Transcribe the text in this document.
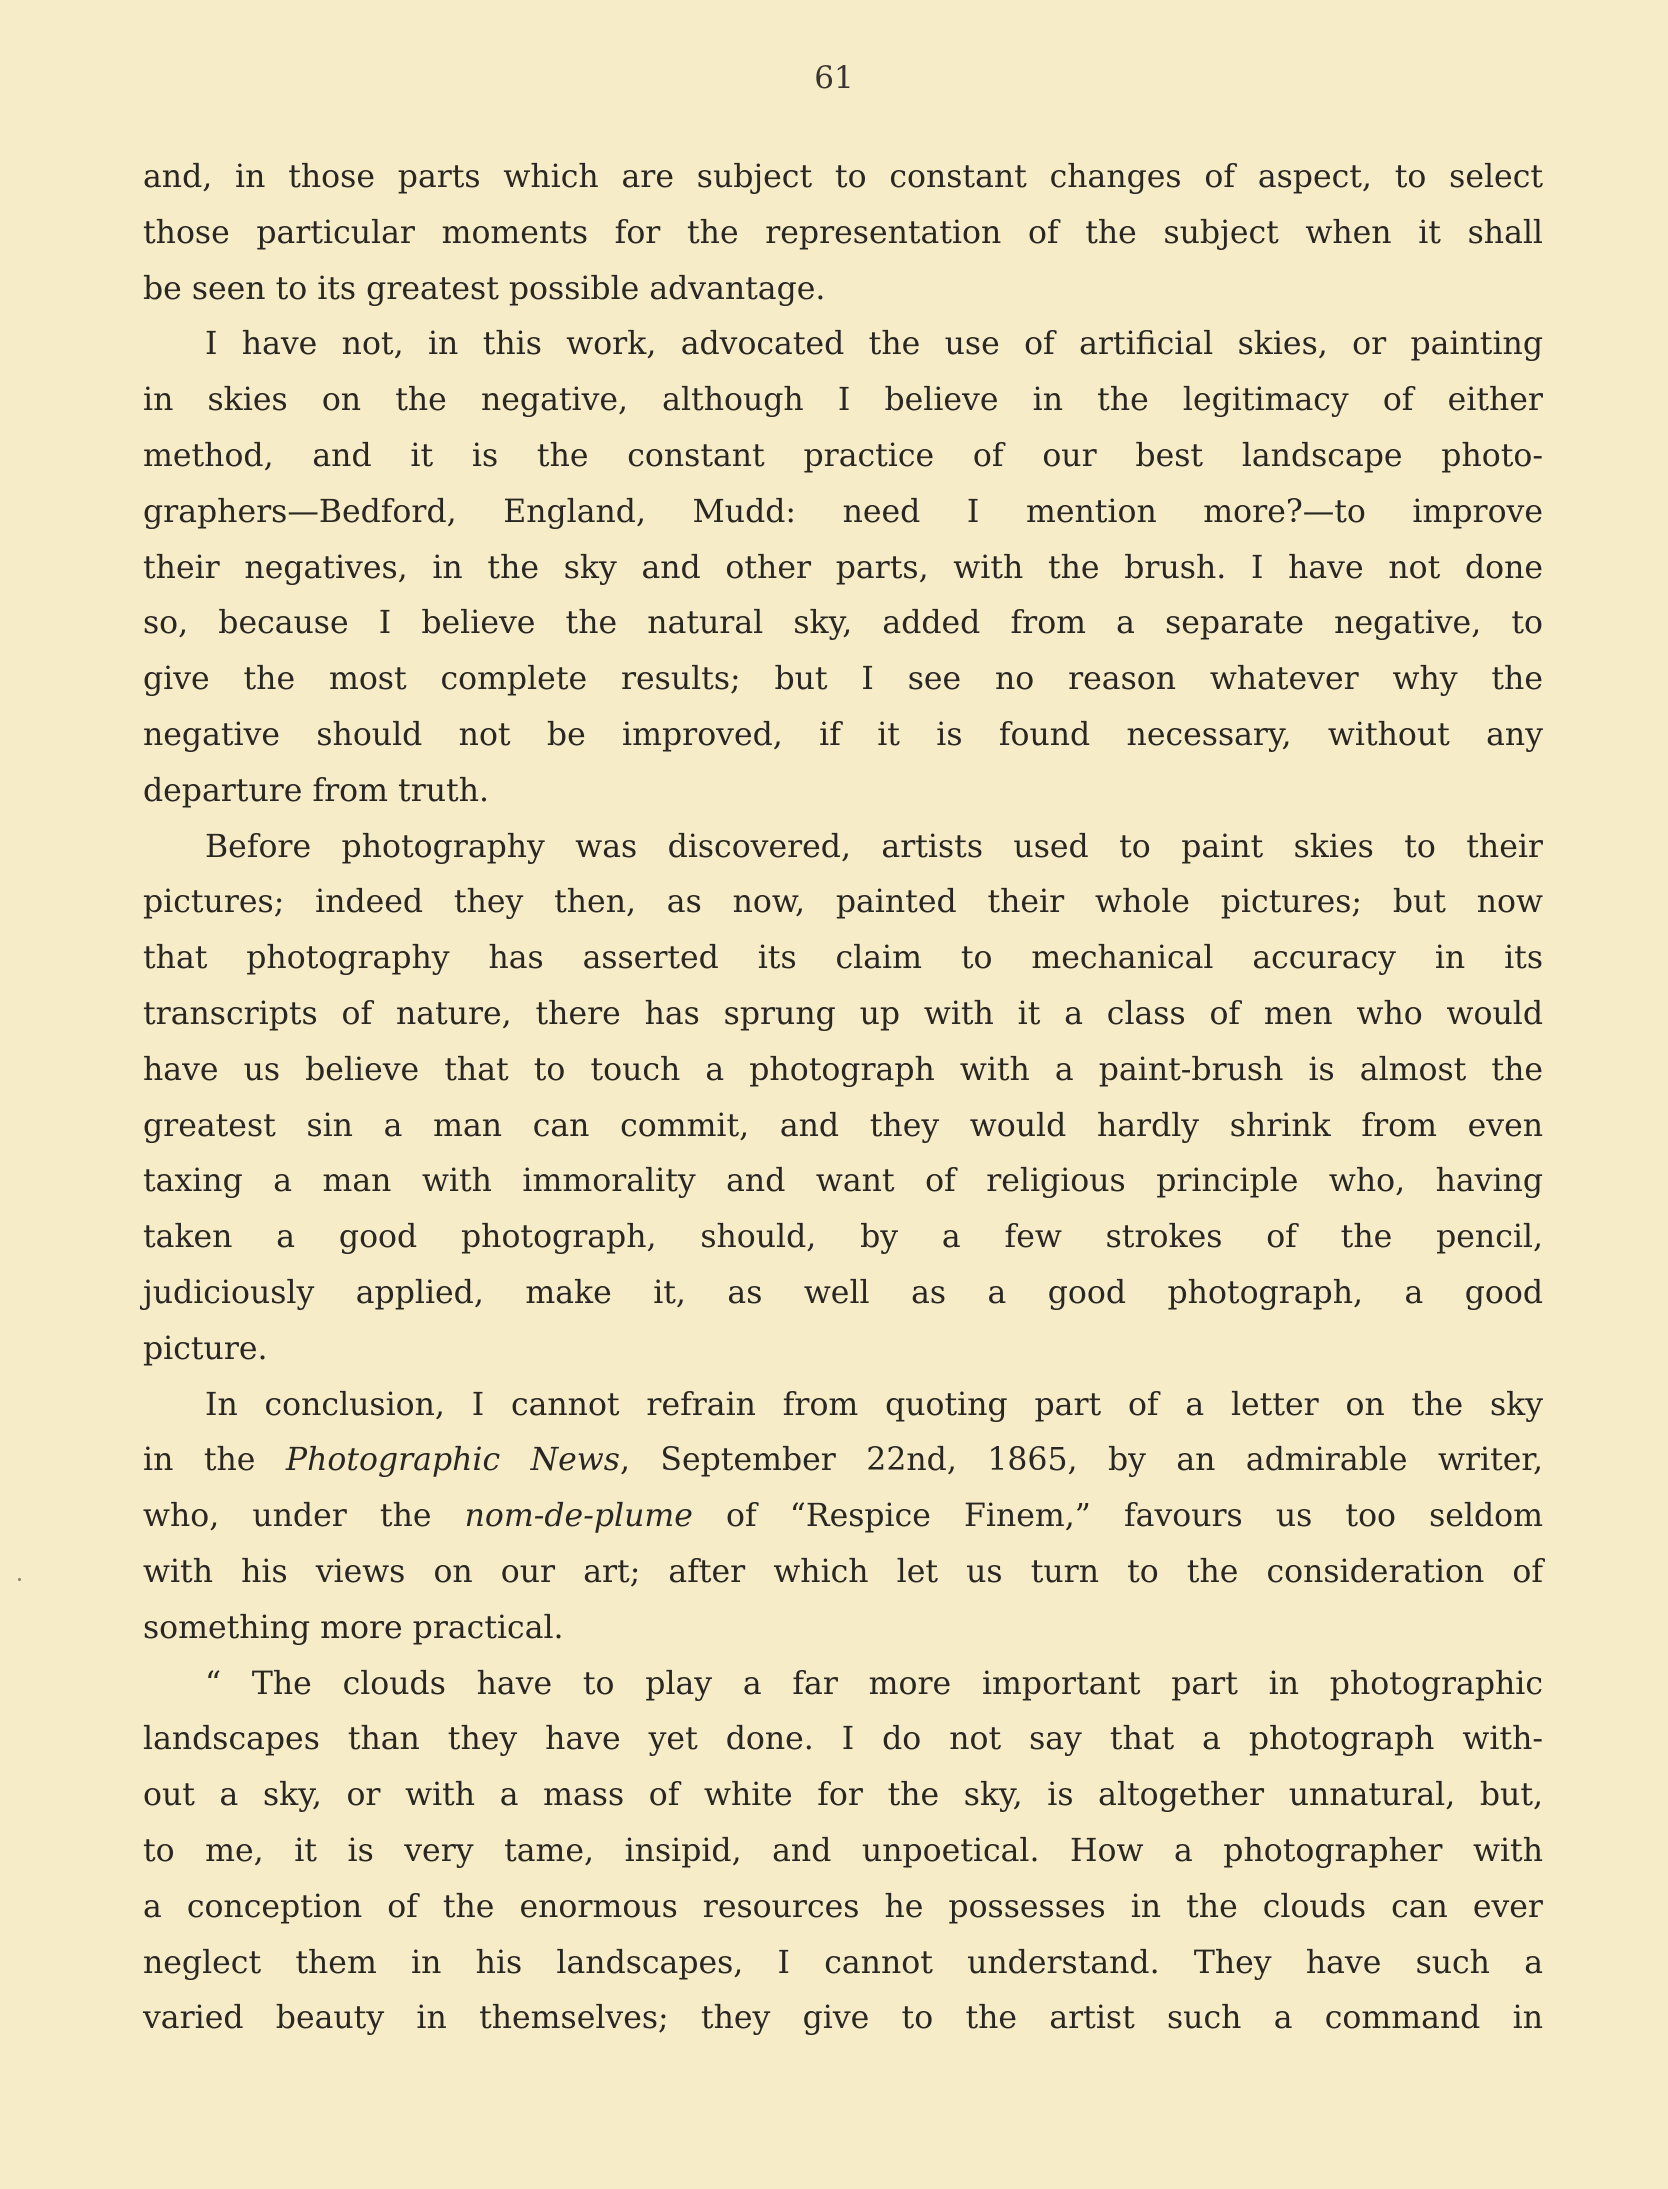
61
and, in those parts which are subject to constant changes of aspect, to select
those particular moments for the representation of the subject when it shall
be seen to its greatest possible advantage.
I have not, in this work, advocated the use of artificial skies, or painting
in skies on the negative, although I believe in the legitimacy of either
method, and it is the constant practice of our best landscape photo-
graphers—Bedford, England, Mudd: need I mention more?—to improve
their negatives, in the sky and other parts, with the brush. I have not done
so, because I believe the natural sky, added from a separate negative, to
give the most complete results; but I see no reason whatever why the
negative should not be improved, if it is found necessary, without any
departure from truth.
Before photography was discovered, artists used to paint skies to their
pictures; indeed they then, as now, painted their whole pictures; but now
that photography has asserted its claim to mechanical accuracy in its
transcripts of nature, there has sprung up with it a class of men who would
have us believe that to touch a photograph with a paint-brush is almost the
greatest sin a man can commit, and they would hardly shrink from even
taxing a man with immorality and want of religious principle who, having
taken a good photograph, should, by a few strokes of the pencil,
judiciously applied, make it, as well as a good photograph, a good
picture.
In conclusion, I cannot refrain from quoting part of a letter on the sky
in the Photographic News, September 22nd, 1865, by an admirable writer,
who, under the nom-de-plume of “Respice Finem,” favours us too seldom
with his views on our art; after which let us turn to the consideration of
something more practical.
“ The clouds have to play a far more important part in photographic
landscapes than they have yet done. I do not say that a photograph with-
out a sky, or with a mass of white for the sky, is altogether unnatural, but,
to me, it is very tame, insipid, and unpoetical. How a photographer with
a conception of the enormous resources he possesses in the clouds can ever
neglect them in his landscapes, I cannot understand. They have such a
varied beauty in themselves; they give to the artist such a command in
